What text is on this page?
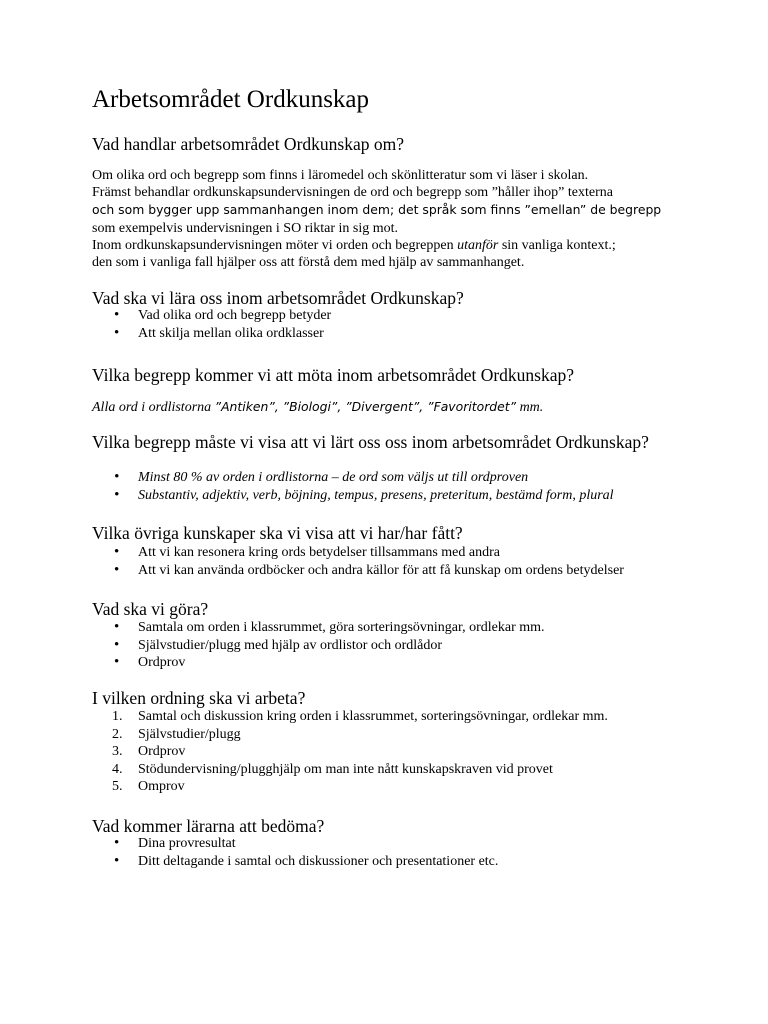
Arbetsområdet Ordkunskap
Vad handlar arbetsområdet Ordkunskap om?

Om olika ord och begrepp som finns i läromedel och skönlitteratur som vi läser i skolan.
Främst behandlar ordkunskapsundervisningen de ord och begrepp som ”håller ihop” texterna
och som bygger upp sammanhangen inom dem; det språk som finns ”emellan” de begrepp
som exempelvis undervisningen i SO riktar in sig mot.
Inom ordkunskapsundervisningen möter vi orden och begreppen utanför sin vanliga kontext.;
den som i vanliga fall hjälper oss att förstå dem med hjälp av sammanhanget.

Vad ska vi lära oss inom arbetsområdet Ordkunskap?
• Vad olika ord och begrepp betyder
• Att skilja mellan olika ordklasser
Vilka begrepp kommer vi att möta inom arbetsområdet Ordkunskap?

Alla ord i ordlistorna ”Antiken”, ”Biologi”, ”Divergent”, ”Favoritordet” mm.

Vilka begrepp måste vi visa att vi lärt oss oss inom arbetsområdet Ordkunskap?
• Minst 80 % av orden i ordlistorna – de ord som väljs ut till ordproven
• Substantiv, adjektiv, verb, böjning, tempus, presens, preteritum, bestämd form, plural
Vilka övriga kunskaper ska vi visa att vi har/har fått?
• Att vi kan resonera kring ords betydelser tillsammans med andra
• Att vi kan använda ordböcker och andra källor för att få kunskap om ordens betydelser
Vad ska vi göra?
• Samtala om orden i klassrummet, göra sorteringsövningar, ordlekar mm.
• Självstudier/plugg med hjälp av ordlistor och ordlådor
• Ordprov
I vilken ordning ska vi arbeta?
1.	Samtal och diskussion kring orden i klassrummet, sorteringsövningar, ordlekar mm.
2.	Självstudier/plugg
3.	Ordprov
4.	Stödundervisning/plugghjälp om man inte nått kunskapskraven vid provet
5.	Omprov
Vad kommer lärarna att bedöma?
• Dina provresultat
• Ditt deltagande i samtal och diskussioner och presentationer etc.
